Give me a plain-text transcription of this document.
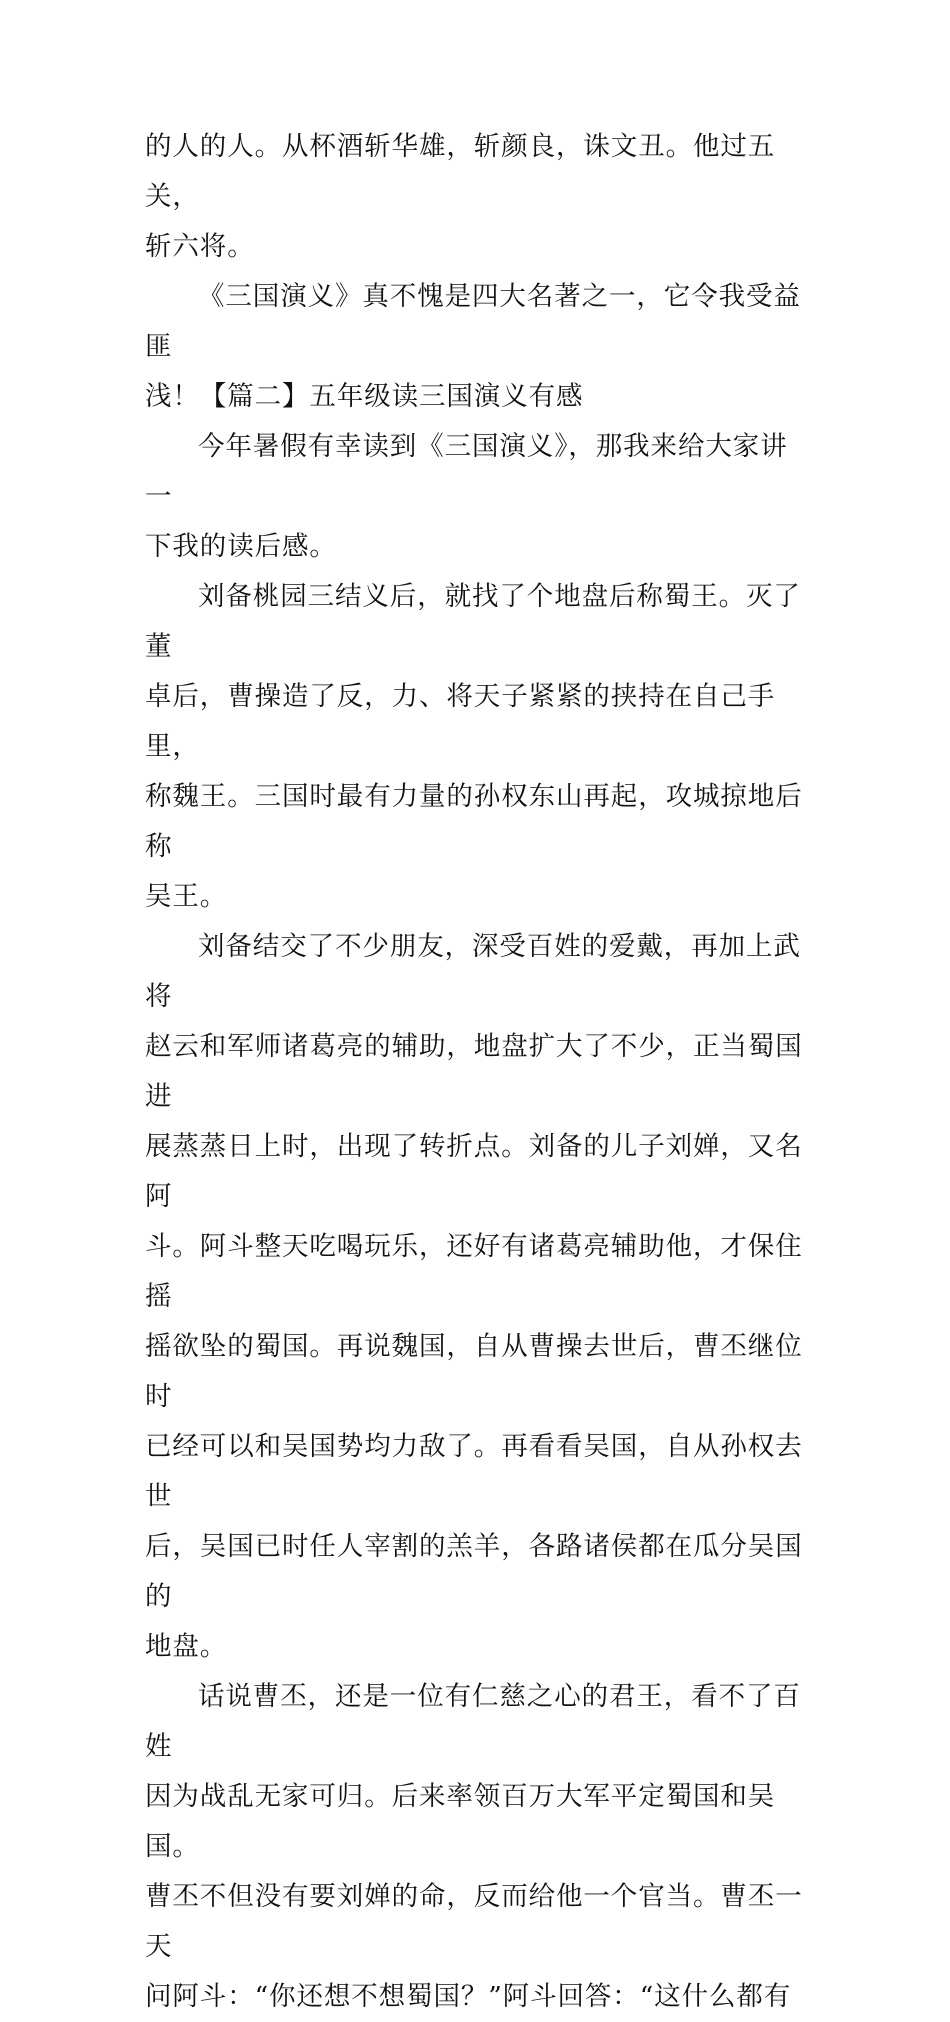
的人的人。从杯酒斩华雄，斩颜良，诛文丑。他过五关，
斩六将。

《三国演义》真不愧是四大名著之一，它令我受益匪
浅！【篇二】五年级读三国演义有感

今年暑假有幸读到《三国演义》，那我来给大家讲一
下我的读后感。

刘备桃园三结义后，就找了个地盘后称蜀王。灭了董
卓后，曹操造了反，力、将天子紧紧的挟持在自己手里，
称魏王。三国时最有力量的孙权东山再起，攻城掠地后称
吴王。

刘备结交了不少朋友，深受百姓的爱戴，再加上武将
赵云和军师诸葛亮的辅助，地盘扩大了不少，正当蜀国进
展蒸蒸日上时，出现了转折点。刘备的儿子刘婵，又名阿
斗。阿斗整天吃喝玩乐，还好有诸葛亮辅助他，才保住摇
摇欲坠的蜀国。再说魏国，自从曹操去世后，曹丕继位时
已经可以和吴国势均力敌了。再看看吴国，自从孙权去世
后，吴国已时任人宰割的羔羊，各路诸侯都在瓜分吴国的
地盘。

话说曹丕，还是一位有仁慈之心的君王，看不了百姓
因为战乱无家可归。后来率领百万大军平定蜀国和吴国。
曹丕不但没有要刘婵的命，反而给他一个官当。曹丕一天
问阿斗：“你还想不想蜀国？”阿斗回答：“这什么都有
